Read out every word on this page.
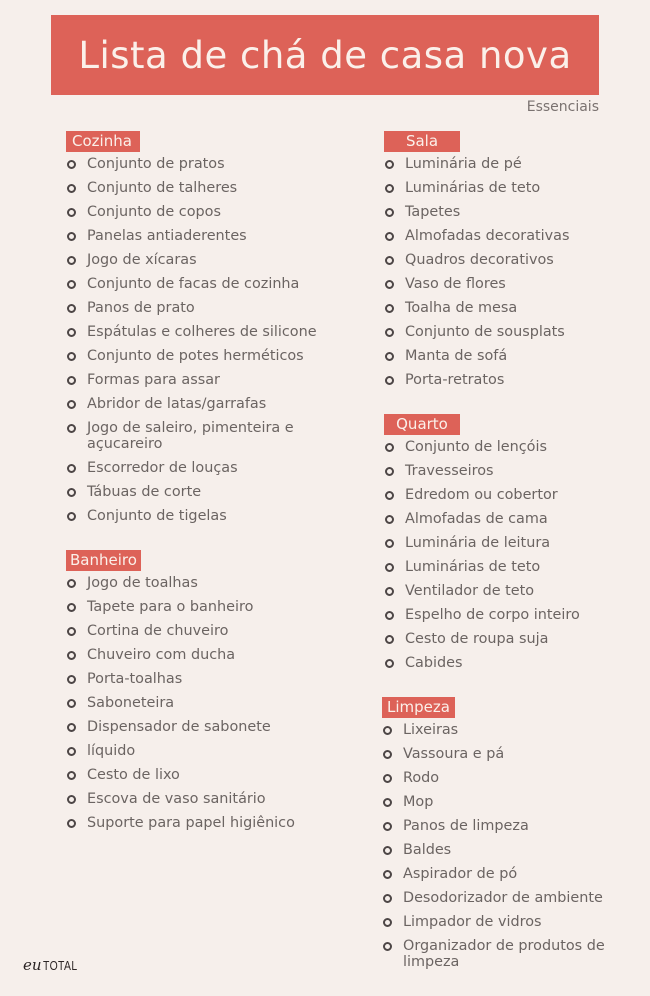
Lista de chá de casa nova
Essenciais
Cozinha
Conjunto de pratos
Conjunto de talheres
Conjunto de copos
Panelas antiaderentes
Jogo de xícaras
Conjunto de facas de cozinha
Panos de prato
Espátulas e colheres de silicone
Conjunto de potes herméticos
Formas para assar
Abridor de latas/garrafas
Jogo de saleiro, pimenteira e açucareiro
Escorredor de louças
Tábuas de corte
Conjunto de tigelas
Banheiro
Jogo de toalhas
Tapete para o banheiro
Cortina de chuveiro
Chuveiro com ducha
Porta-toalhas
Saboneteira
Dispensador de sabonete
líquido
Cesto de lixo
Escova de vaso sanitário
Suporte para papel higiênico
Sala
Luminária de pé
Luminárias de teto
Tapetes
Almofadas decorativas
Quadros decorativos
Vaso de flores
Toalha de mesa
Conjunto de sousplats
Manta de sofá
Porta-retratos
Quarto
Conjunto de lençóis
Travesseiros
Edredom ou cobertor
Almofadas de cama
Luminária de leitura
Luminárias de teto
Ventilador de teto
Espelho de corpo inteiro
Cesto de roupa suja
Cabides
Limpeza
Lixeiras
Vassoura e pá
Rodo
Mop
Panos de limpeza
Baldes
Aspirador de pó
Desodorizador de ambiente
Limpador de vidros
Organizador de produtos de limpeza
eu TOTAL
